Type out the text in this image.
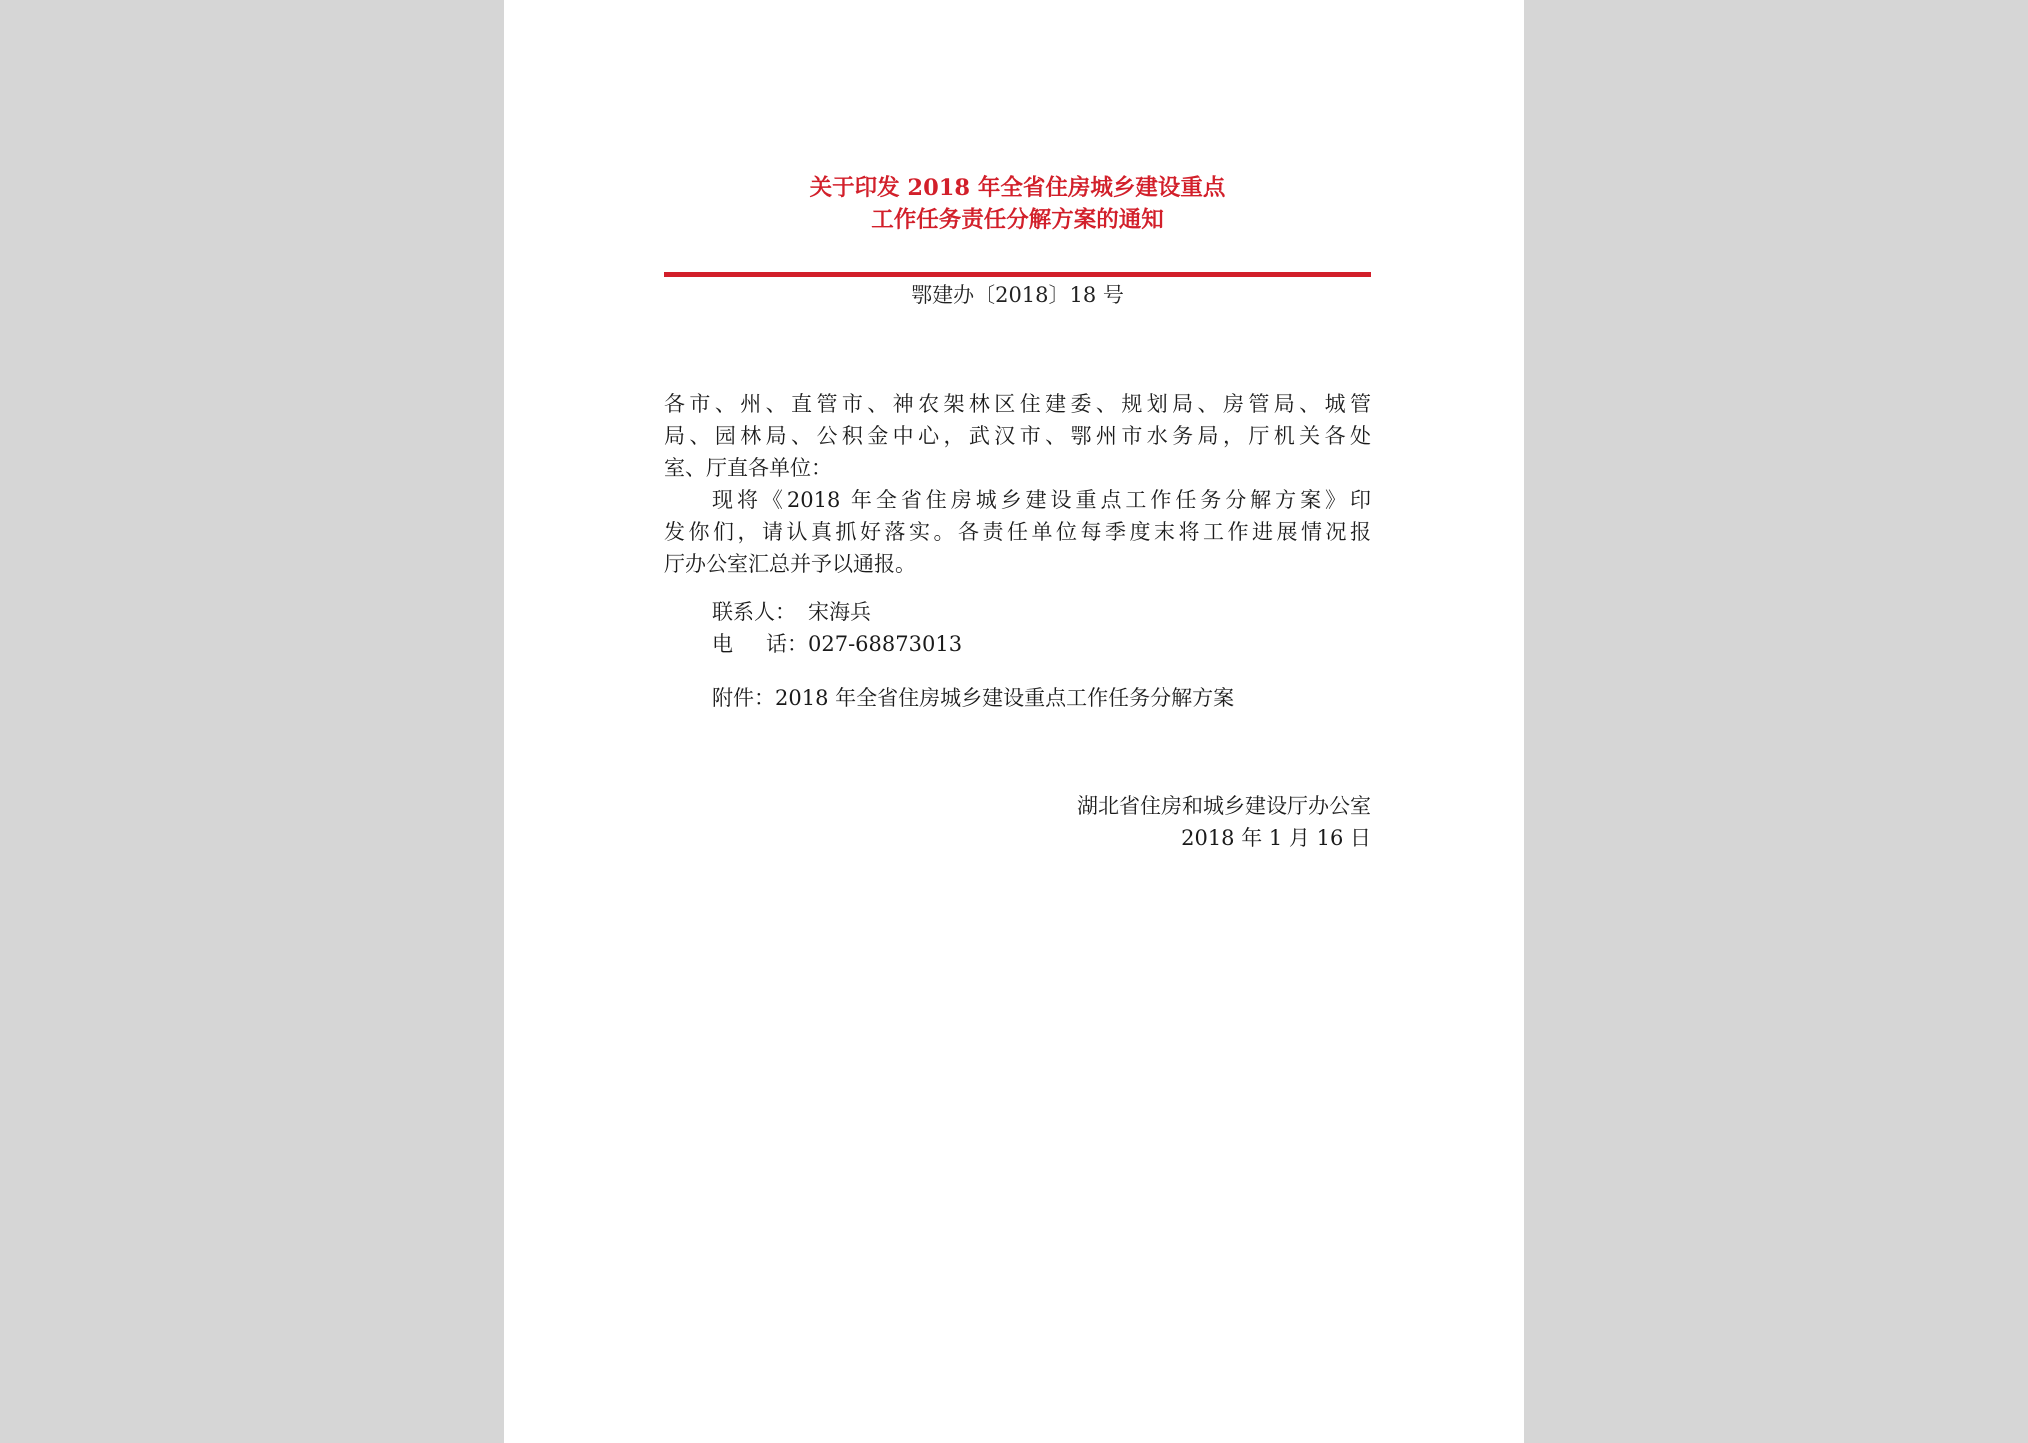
关于印发 2018 年全省住房城乡建设重点
工作任务责任分解方案的通知
鄂建办〔2018〕18 号
各市、州、直管市、神农架林区住建委、规划局、房管局、城管
局、园林局、公积金中心，武汉市、鄂州市水务局，厅机关各处
室、厅直各单位：
现将《2018 年全省住房城乡建设重点工作任务分解方案》印
发你们，请认真抓好落实。各责任单位每季度末将工作进展情况报
厅办公室汇总并予以通报。
联系人： 宋海兵
电 话： 027-68873013
附件：2018 年全省住房城乡建设重点工作任务分解方案
湖北省住房和城乡建设厅办公室
2018 年 1 月 16 日
